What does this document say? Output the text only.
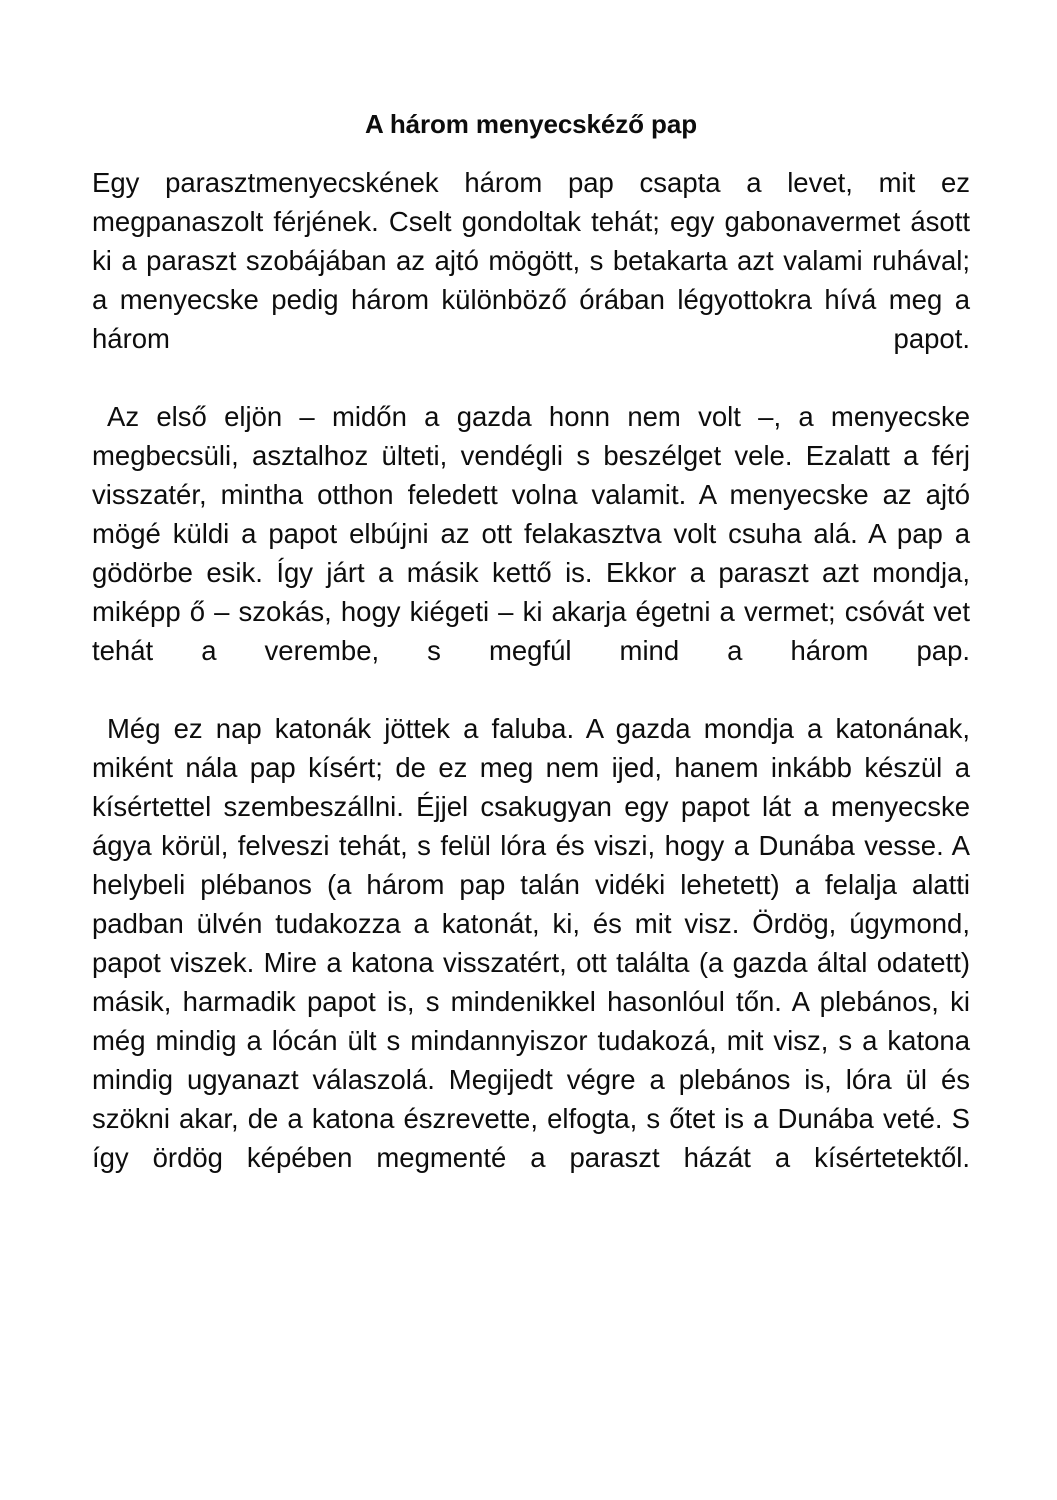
A három menyecskéző pap

Egy parasztmenyecskének három pap csapta a levet, mit ez megpanaszolt férjének. Cselt gondoltak tehát; egy gabonavermet ásott ki a paraszt szobájában az ajtó mögött, s betakarta azt valami ruhával; a menyecske pedig három különböző órában légyottokra hívá meg a három papot.

Az első eljön – midőn a gazda honn nem volt –, a menyecske megbecsüli, asztalhoz ülteti, vendégli s beszélget vele. Ezalatt a férj visszatér, mintha otthon feledett volna valamit. A menyecske az ajtó mögé küldi a papot elbújni az ott felakasztva volt csuha alá. A pap a gödörbe esik. Így járt a másik kettő is. Ekkor a paraszt azt mondja, miképp ő – szokás, hogy kiégeti – ki akarja égetni a vermet; csóvát vet tehát a verembe, s megfúl mind a három pap.

Még ez nap katonák jöttek a faluba. A gazda mondja a katonának, miként nála pap kísért; de ez meg nem ijed, hanem inkább készül a kísértettel szembeszállni. Éjjel csakugyan egy papot lát a menyecske ágya körül, felveszi tehát, s felül lóra és viszi, hogy a Dunába vesse. A helybeli plébanos (a három pap talán vidéki lehetett) a felalja alatti padban ülvén tudakozza a katonát, ki, és mit visz. Ördög, úgymond, papot viszek. Mire a katona visszatért, ott találta (a gazda által odatett) másik, harmadik papot is, s mindenikkel hasonlóul tőn. A plebános, ki még mindig a lócán ült s mindannyiszor tudakozá, mit visz, s a katona mindig ugyanazt válaszolá. Megijedt végre a plebános is, lóra ül és szökni akar, de a katona észrevette, elfogta, s őtet is a Dunába veté. S így ördög képében megmenté a paraszt házát a kísértetektől.
